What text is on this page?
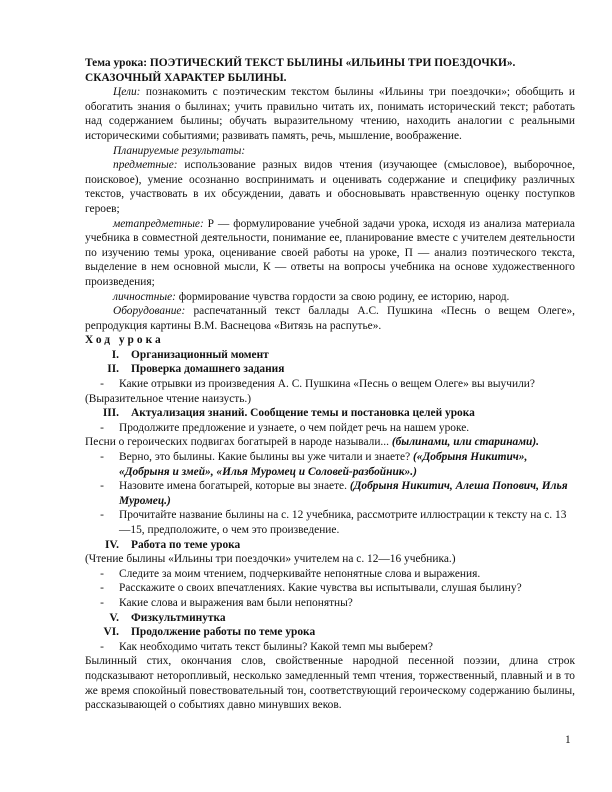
Тема урока: ПОЭТИЧЕСКИЙ ТЕКСТ БЫЛИНЫ «ИЛЬИНЫ ТРИ ПОЕЗДОЧКИ». СКАЗОЧНЫЙ ХАРАКТЕР БЫЛИНЫ.

Цели: познакомить с поэтическим текстом былины «Ильины три поездочки»; обобщить и обогатить знания о былинах; учить правильно читать их, понимать исторический текст; работать над содержанием былины; обучать выразительному чтению, находить аналогии с реальными историческими событиями; развивать память, речь, мышление, воображение.

Планируемые результаты:

предметные: использование разных видов чтения (изучающее (смысловое), выборочное, поисковое), умение осознанно воспринимать и оценивать содержание и специфику различных текстов, участвовать в их обсуждении, давать и обосновывать нравственную оценку поступков героев;

метапредметные: Р — формулирование учебной задачи урока, исходя из анализа материала учебника в совместной деятельности, понимание ее, планирование вместе с учителем деятельности по изучению темы урока, оценивание своей работы на уроке, П — анализ поэтического текста, выделение в нем основной мысли, К — ответы на вопросы учебника на основе художественного произведения;

личностные: формирование чувства гордости за свою родину, ее историю, народ.

Оборудование: распечатанный текст баллады А.С. Пушкина «Песнь о вещем Олеге», репродукция картины В.М. Васнецова «Витязь на распутье».

Ход урока

I.	Организационный момент
II.	Проверка домашнего задания
-	Какие отрывки из произведения А. С. Пушкина «Песнь о вещем Олеге» вы выучили?

(Выразительное чтение наизусть.)

III.	Актуализация знаний. Сообщение темы и постановка целей урока
-	Продолжите предложение и узнаете, о чем пойдет речь на нашем уроке.

Песни о героических подвигах богатырей в народе называли... (былинами, или старинами).

-	Верно, это былины. Какие былины вы уже читали и знаете? («Добрыня Никитич», «Добрыня и змей», «Илья Муромец и Соловей-разбойник».)
-	Назовите имена богатырей, которые вы знаете. (Добрыня Никитич, Алеша Попович, Илья Муромец.)
-	Прочитайте название былины на с. 12 учебника, рассмотрите иллюстрации к тексту на с. 13—15, предположите, о чем это произведение.
IV.	Работа по теме урока

(Чтение былины «Ильины три поездочки» учителем на с. 12—16 учебника.)

-	Следите за моим чтением, подчеркивайте непонятные слова и выражения.
-	Расскажите о своих впечатлениях. Какие чувства вы испытывали, слушая былину?
-	Какие слова и выражения вам были непонятны?
V.	Физкультминутка
VI.	Продолжение работы по теме урока
-	Как необходимо читать текст былины? Какой темп мы выберем?

Былинный стих, окончания слов, свойственные народной песенной поэзии, длина строк подсказывают неторопливый, несколько замедленный темп чтения, торжественный, плавный и в то же время спокойный повествовательный тон, соответствующий героическому содержанию былины, рассказывающей о событиях давно минувших веков.

1
